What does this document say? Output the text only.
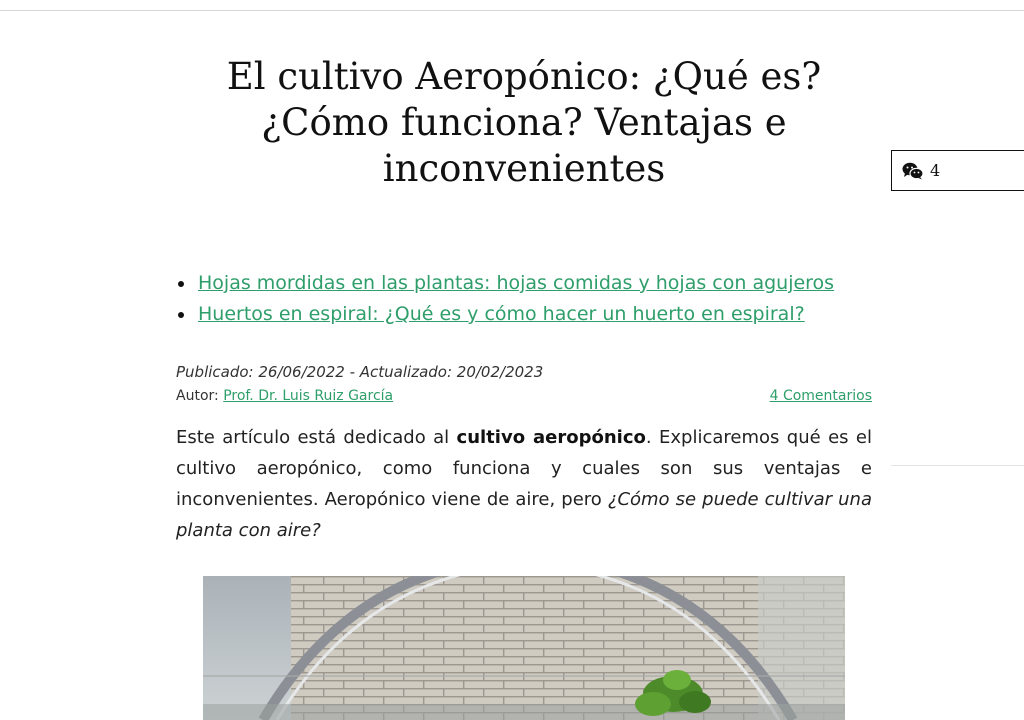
El cultivo Aeropónico: ¿Qué es? ¿Cómo funciona? Ventajas e inconvenientes	4
Hojas mordidas en las plantas: hojas comidas y hojas con agujeros
Huertos en espiral: ¿Qué es y cómo hacer un huerto en espiral?
Publicado: 26/06/2022 - Actualizado: 20/02/2023
Autor: Prof. Dr. Luis Ruiz García	4 Comentarios

Este artículo está dedicado al cultivo aeropónico. Explicaremos qué es el cultivo aeropónico, como funciona y cuales son sus ventajas e inconvenientes. Aeropónico viene de aire, pero ¿Cómo se puede cultivar una planta con aire?
